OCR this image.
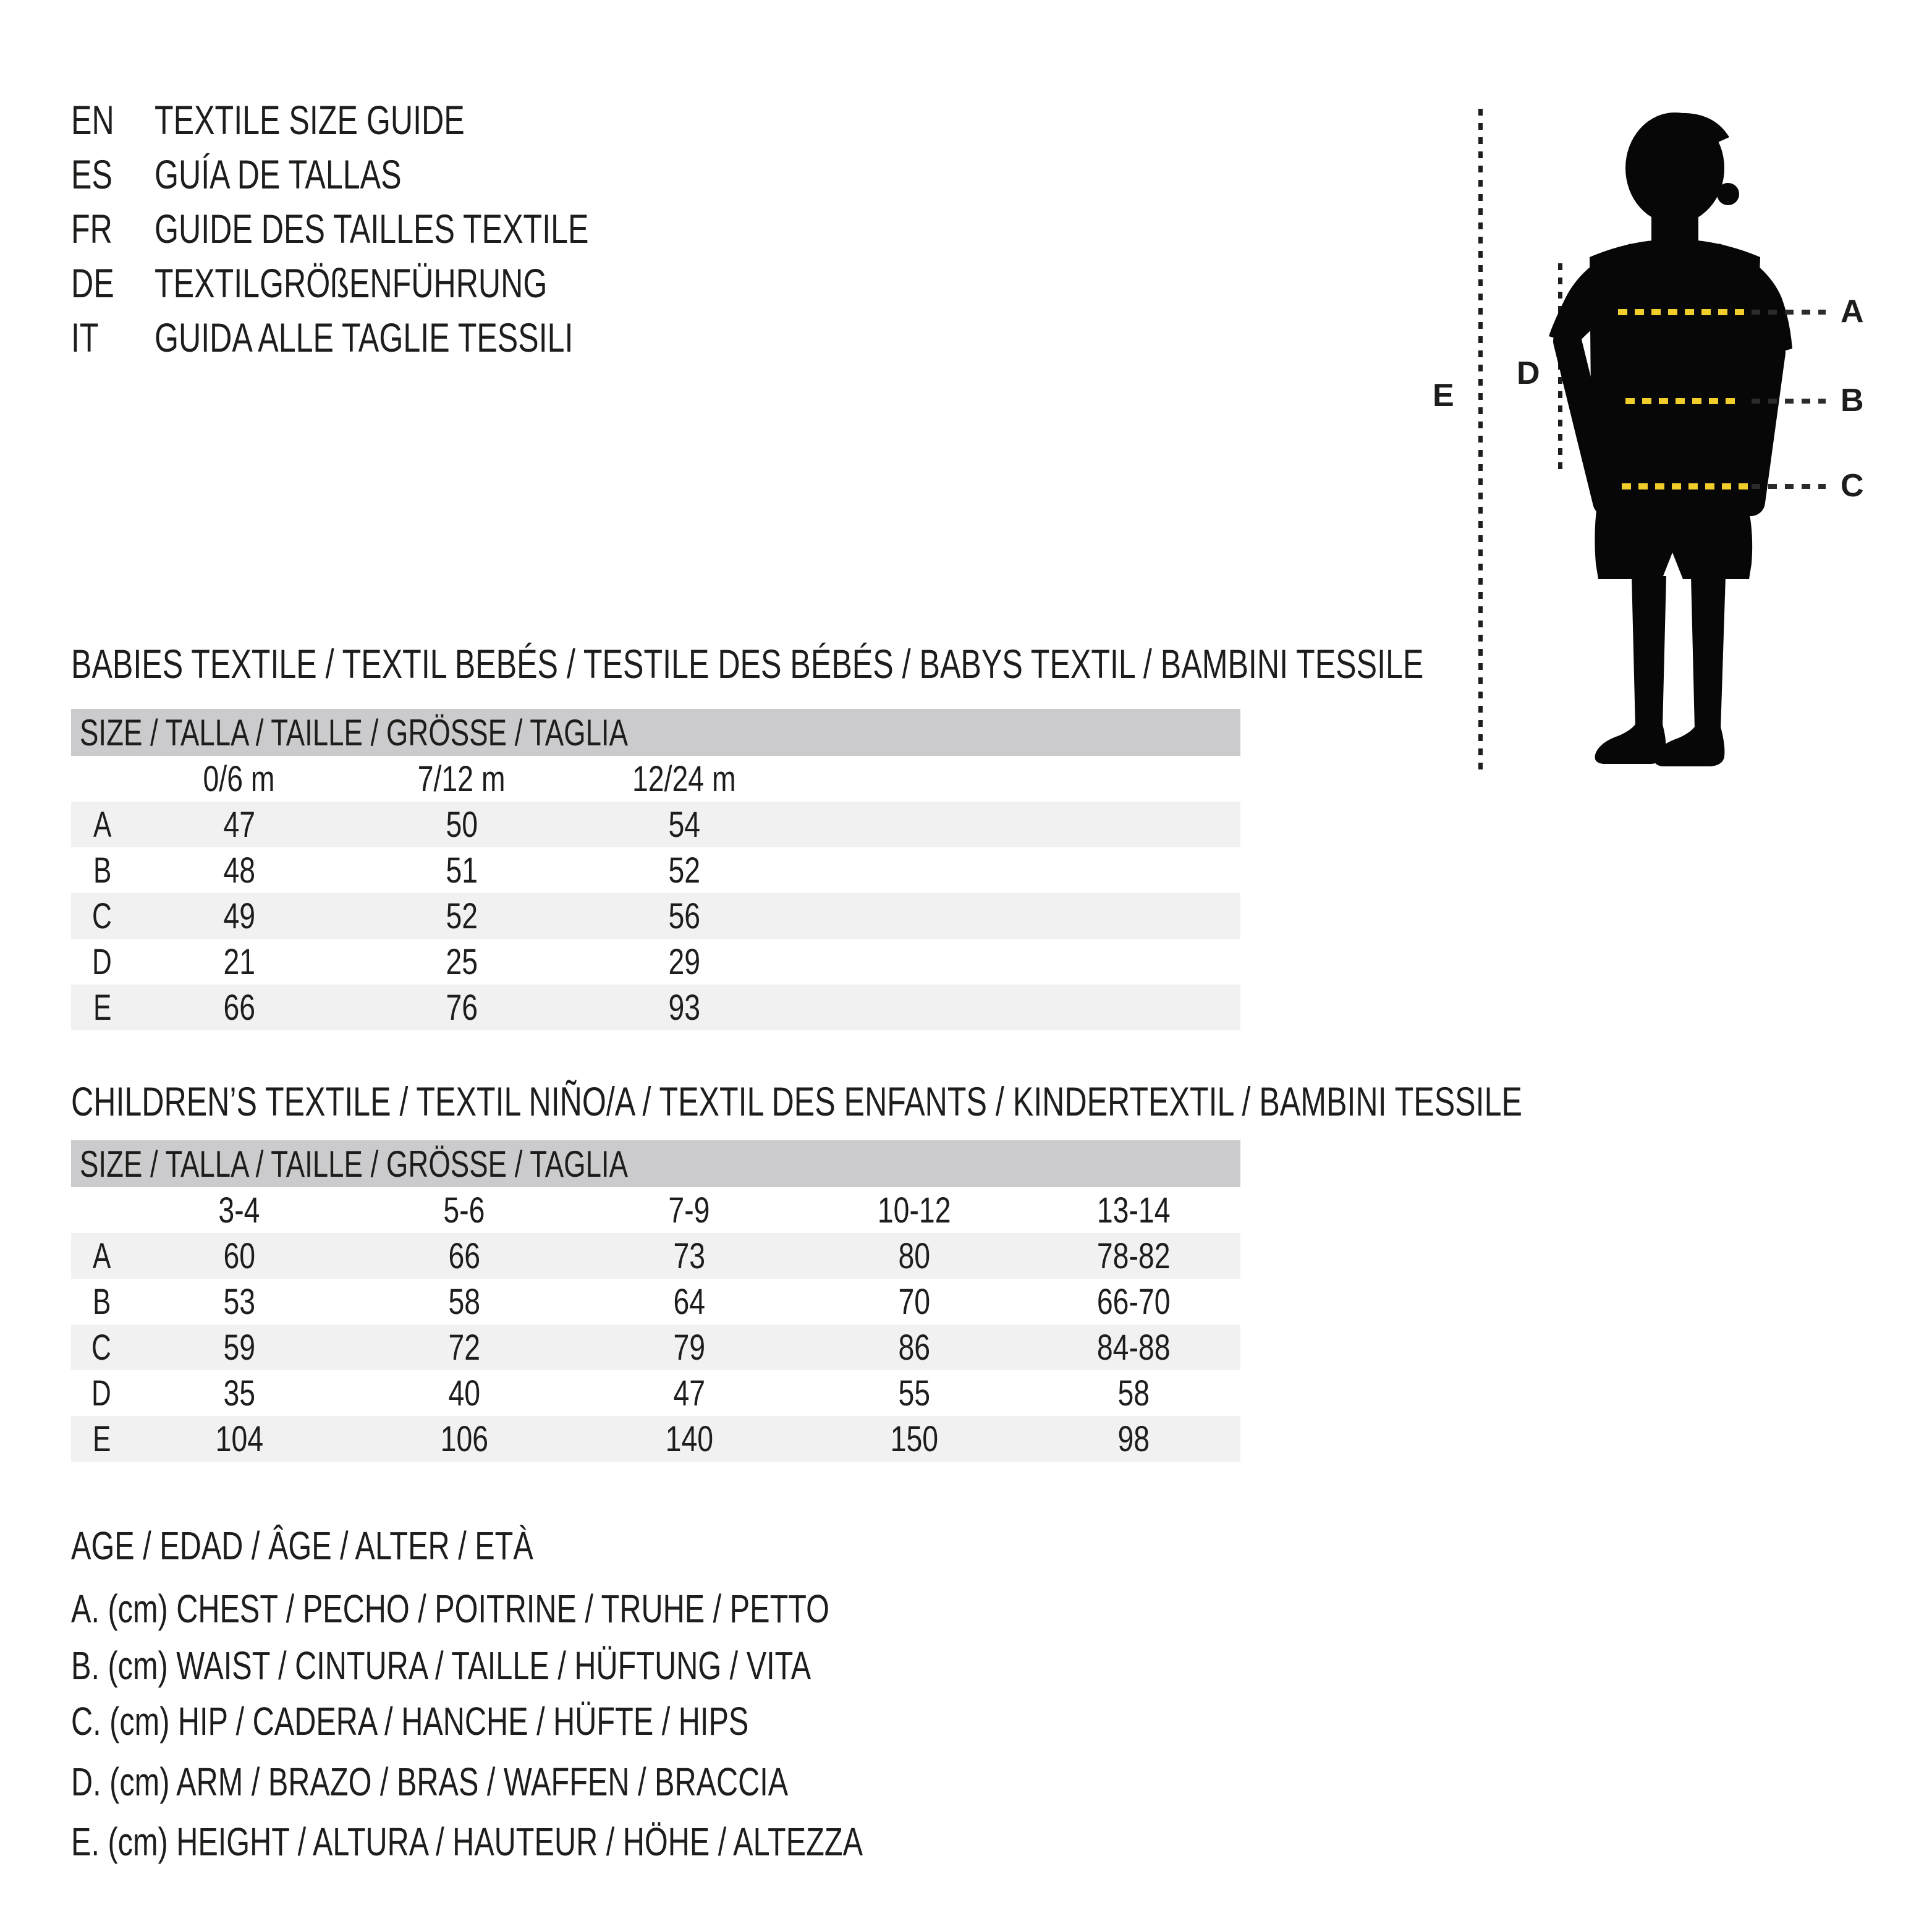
EN TEXTILE SIZE GUIDE
ES GUÍA DE TALLAS
FR GUIDE DES TAILLES TEXTILE
DE TEXTILGRÖßENFÜHRUNG
IT GUIDA ALLE TAGLIE TESSILI
A
B
C
D
E
BABIES TEXTILE / TEXTIL BEBÉS / TESTILE DES BÉBÉS / BABYS TEXTIL / BAMBINI TESSILE
SIZE / TALLA / TAILLE / GRÖSSE / TAGLIA				
	0/6 m	7/12 m	12/24 m	
A	47	50	54	
B	48	51	52	
C	49	52	56	
D	21	25	29	
E	66	76	93	
CHILDREN’S TEXTILE / TEXTIL NIÑO/A / TEXTIL DES ENFANTS / KINDERTEXTIL / BAMBINI TESSILE
SIZE / TALLA / TAILLE / GRÖSSE / TAGLIA					
	3-4	5-6	7-9	10-12	13-14
A	60	66	73	80	78-82
B	53	58	64	70	66-70
C	59	72	79	86	84-88
D	35	40	47	55	58
E	104	106	140	150	98
AGE / EDAD / ÂGE / ALTER / ETÀ
A. (cm) CHEST / PECHO / POITRINE / TRUHE / PETTO
B. (cm) WAIST / CINTURA / TAILLE / HÜFTUNG / VITA
C. (cm) HIP / CADERA / HANCHE / HÜFTE / HIPS
D. (cm) ARM / BRAZO / BRAS / WAFFEN / BRACCIA
E. (cm) HEIGHT / ALTURA / HAUTEUR / HÖHE / ALTEZZA
